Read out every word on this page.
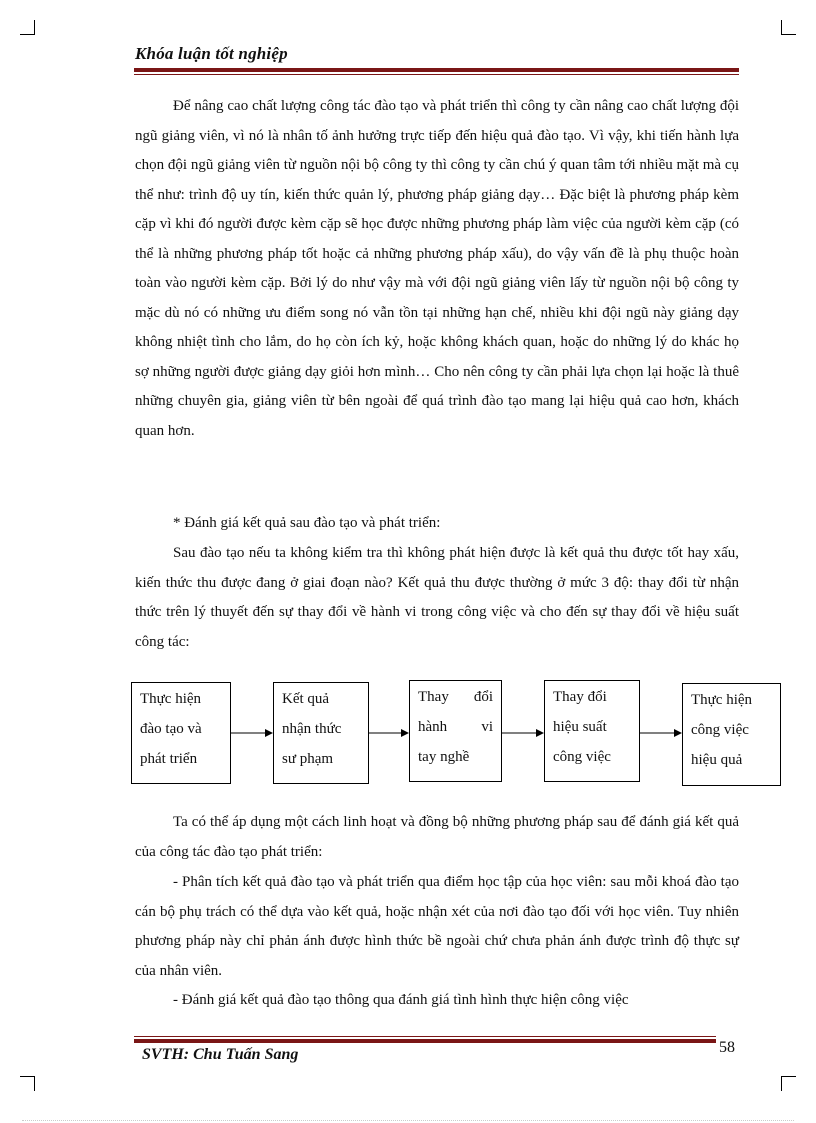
Khóa luận tốt nghiệp

Để nâng cao chất lượng công tác đào tạo và phát triển thì công ty cần nâng cao chất lượng đội ngũ giảng viên, vì nó là nhân tố ảnh hưởng trực tiếp đến hiệu quả đào tạo. Vì vậy, khi tiến hành lựa chọn đội ngũ giảng viên từ nguồn nội bộ công ty thì công ty cần chú ý quan tâm tới nhiều mặt mà cụ thể như: trình độ uy tín, kiến thức quản lý, phương pháp giảng dạy… Đặc biệt là phương pháp kèm cặp vì khi đó người được kèm cặp sẽ học được những phương pháp làm việc của người kèm cặp (có thể là những phương pháp tốt hoặc cả những phương pháp xấu), do vậy vấn đề là phụ thuộc hoàn toàn vào người kèm cặp. Bởi lý do như vậy mà với đội ngũ giảng viên lấy từ nguồn nội bộ công ty mặc dù nó có những ưu điểm song nó vẫn tồn tại những hạn chế, nhiều khi đội ngũ này giảng dạy không nhiệt tình cho lắm, do họ còn ích kỷ, hoặc không khách quan, hoặc do những lý do khác họ sợ những người được giảng dạy giỏi hơn mình… Cho nên công ty cần phải lựa chọn lại hoặc là thuê những chuyên gia, giảng viên từ bên ngoài để quá trình đào tạo mang lại hiệu quả cao hơn, khách quan hơn.

* Đánh giá kết quả sau đào tạo và phát triển:

Sau đào tạo nếu ta không kiểm tra thì không phát hiện được là kết quả thu được tốt hay xấu, kiến thức thu được đang ở giai đoạn nào? Kết quả thu được thường ở mức 3 độ: thay đổi từ nhận thức trên lý thuyết đến sự thay đổi về hành vi trong công việc và cho đến sự thay đổi về hiệu suất công tác:

Thực hiện
đào tạo và
phát triển
Kết quả
nhận thức
sư phạm
Thay đổi
hành vi
tay nghề
Thay đổi
hiệu suất
công việc
Thực hiện
công việc
hiệu quả

Ta có thể áp dụng một cách linh hoạt và đồng bộ những phương pháp sau để đánh giá kết quả của công tác đào tạo phát triển:

- Phân tích kết quả đào tạo và phát triển qua điểm học tập của học viên: sau mỗi khoá đào tạo cán bộ phụ trách có thể dựa vào kết quả, hoặc nhận xét của nơi đào tạo đối với học viên. Tuy nhiên phương pháp này chỉ phản ánh được hình thức bề ngoài chứ chưa phản ánh được trình độ thực sự của nhân viên.

- Đánh giá kết quả đào tạo thông qua đánh giá tình hình thực hiện công việc

SVTH: Chu Tuấn Sang	58
